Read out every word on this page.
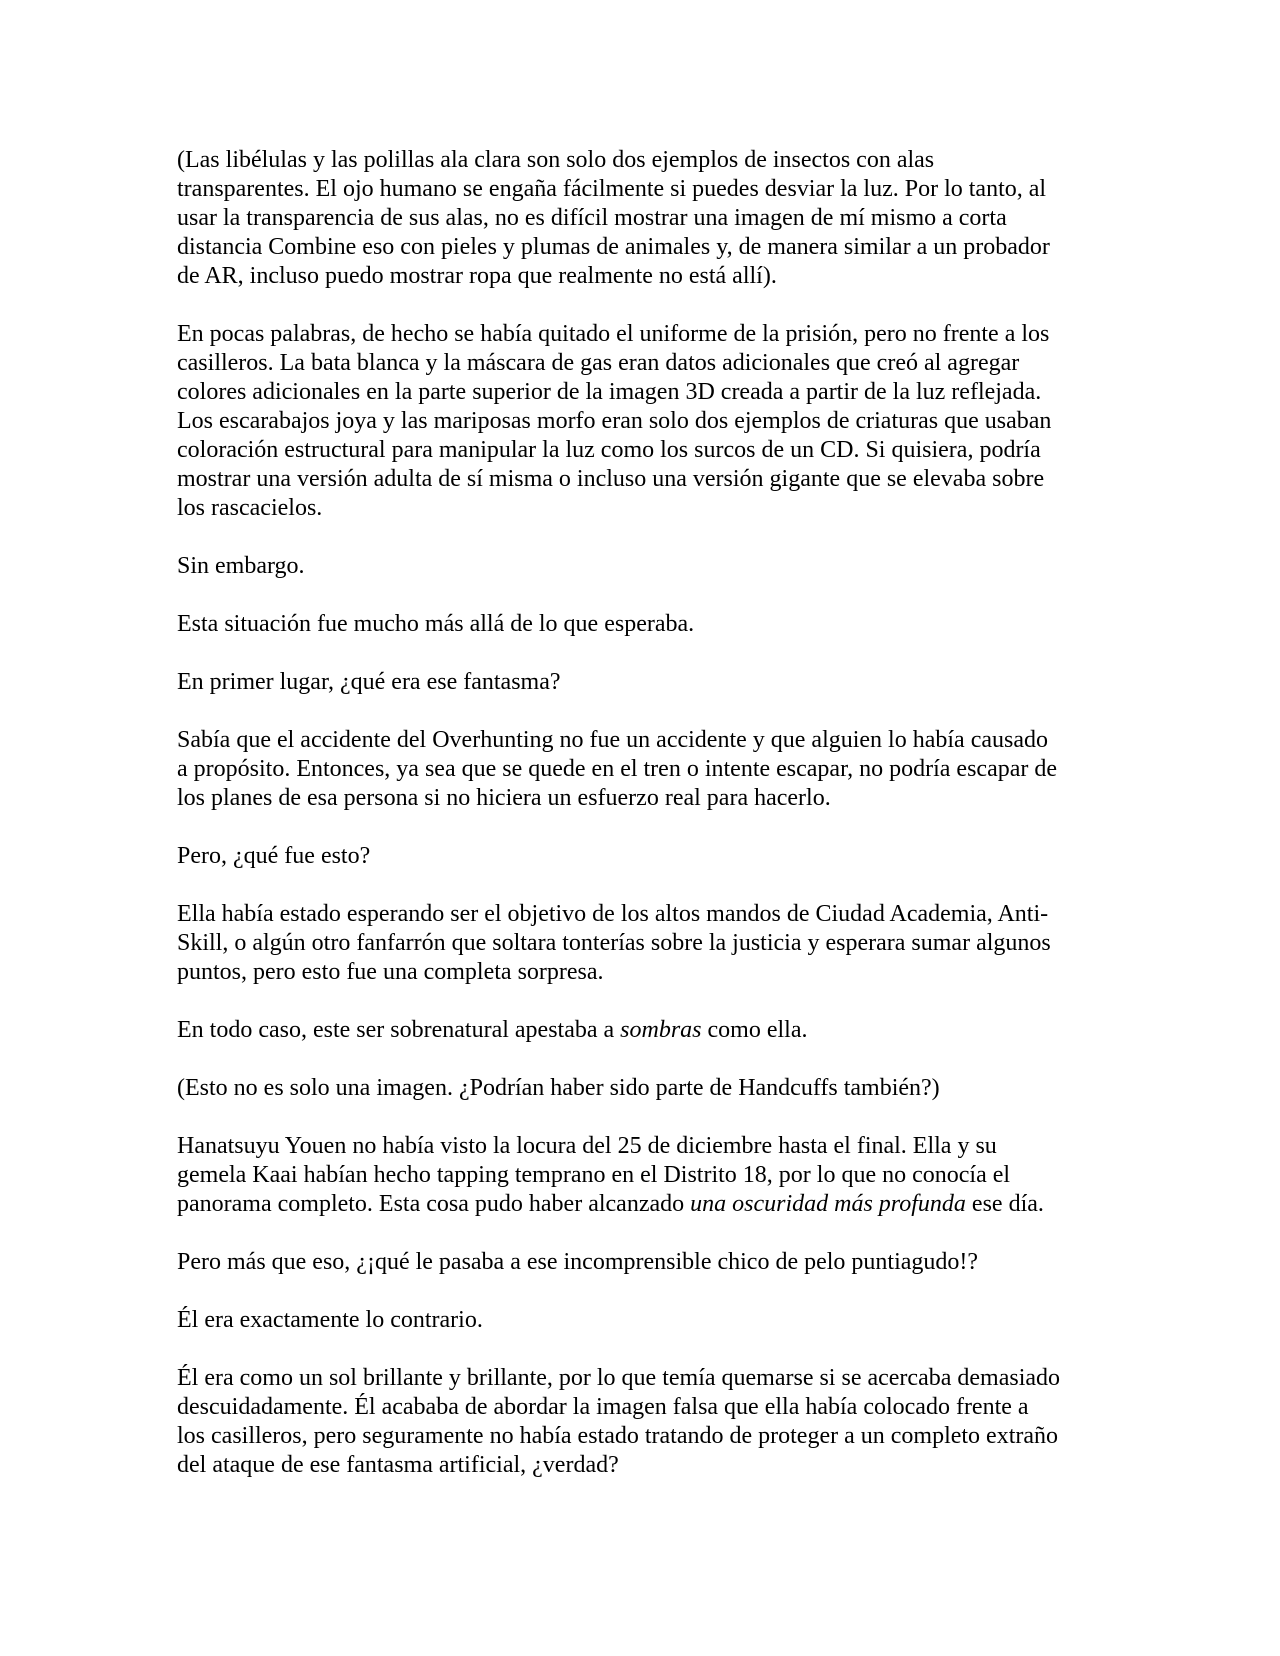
(Las libélulas y las polillas ala clara son solo dos ejemplos de insectos con alas
transparentes. El ojo humano se engaña fácilmente si puedes desviar la luz. Por lo tanto, al
usar la transparencia de sus alas, no es difícil mostrar una imagen de mí mismo a corta
distancia Combine eso con pieles y plumas de animales y, de manera similar a un probador
de AR, incluso puedo mostrar ropa que realmente no está allí).

En pocas palabras, de hecho se había quitado el uniforme de la prisión, pero no frente a los
casilleros. La bata blanca y la máscara de gas eran datos adicionales que creó al agregar
colores adicionales en la parte superior de la imagen 3D creada a partir de la luz reflejada.
Los escarabajos joya y las mariposas morfo eran solo dos ejemplos de criaturas que usaban
coloración estructural para manipular la luz como los surcos de un CD. Si quisiera, podría
mostrar una versión adulta de sí misma o incluso una versión gigante que se elevaba sobre
los rascacielos.

Sin embargo.

Esta situación fue mucho más allá de lo que esperaba.

En primer lugar, ¿qué era ese fantasma?

Sabía que el accidente del Overhunting no fue un accidente y que alguien lo había causado
a propósito. Entonces, ya sea que se quede en el tren o intente escapar, no podría escapar de
los planes de esa persona si no hiciera un esfuerzo real para hacerlo.

Pero, ¿qué fue esto?

Ella había estado esperando ser el objetivo de los altos mandos de Ciudad Academia, Anti-
Skill, o algún otro fanfarrón que soltara tonterías sobre la justicia y esperara sumar algunos
puntos, pero esto fue una completa sorpresa.

En todo caso, este ser sobrenatural apestaba a sombras como ella.

(Esto no es solo una imagen. ¿Podrían haber sido parte de Handcuffs también?)

Hanatsuyu Youen no había visto la locura del 25 de diciembre hasta el final. Ella y su
gemela Kaai habían hecho tapping temprano en el Distrito 18, por lo que no conocía el
panorama completo. Esta cosa pudo haber alcanzado una oscuridad más profunda ese día.

Pero más que eso, ¿¡qué le pasaba a ese incomprensible chico de pelo puntiagudo!?

Él era exactamente lo contrario.

Él era como un sol brillante y brillante, por lo que temía quemarse si se acercaba demasiado
descuidadamente. Él acababa de abordar la imagen falsa que ella había colocado frente a
los casilleros, pero seguramente no había estado tratando de proteger a un completo extraño
del ataque de ese fantasma artificial, ¿verdad?
